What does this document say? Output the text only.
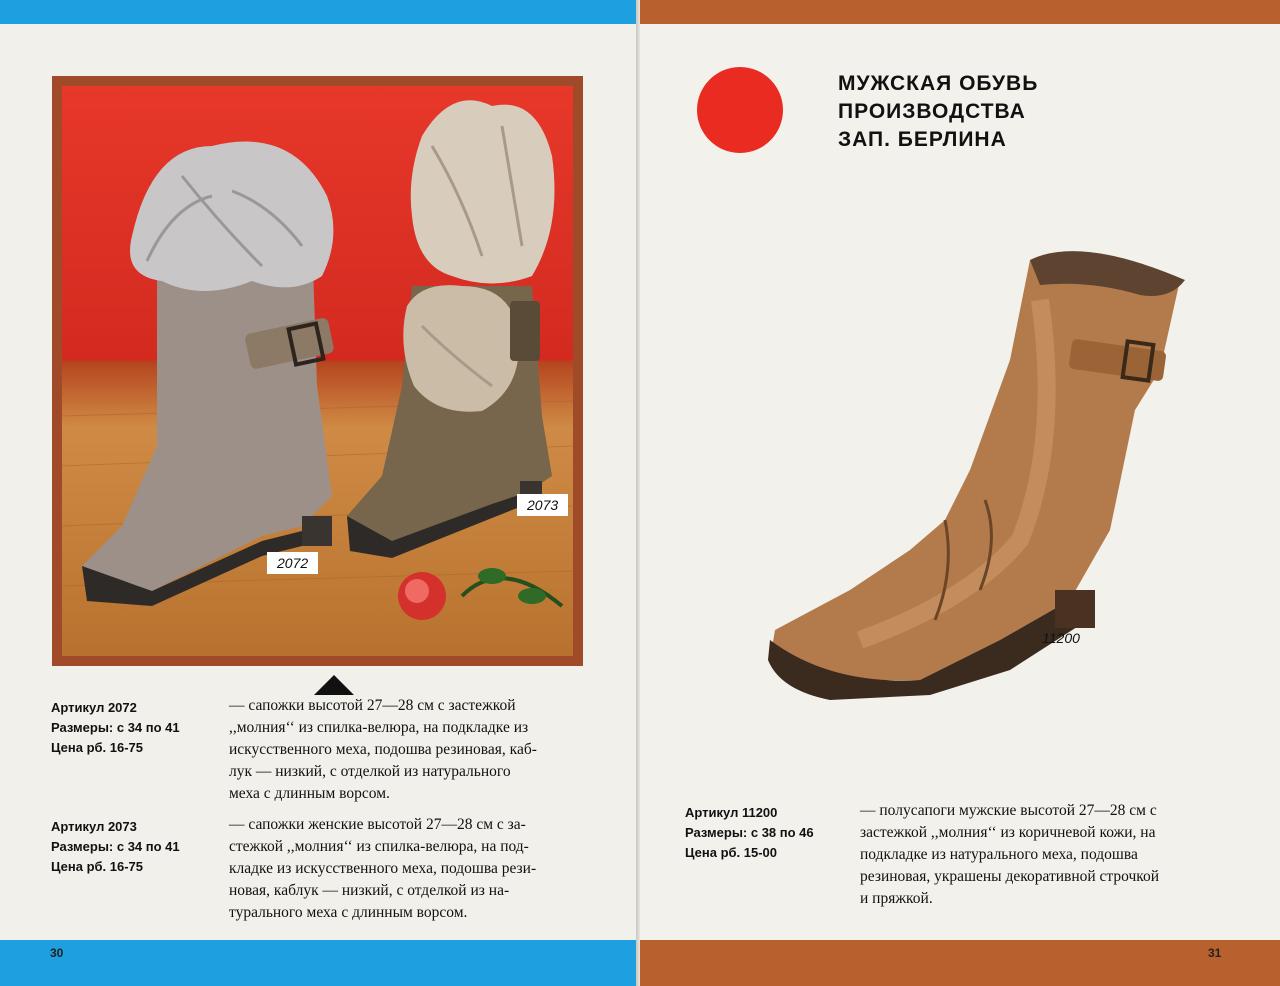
2072
2073
Артикул 2072
Размеры: с 34 по 41
Цена рб. 16-75

— сапожки высотой 27—28 см с застежкой

,,молния‘‘ из спилка-велюра, на подкладке из

искусственного меха, подошва резиновая, каб-

лук — низкий, с отделкой из натурального

меха с длинным ворсом.

Артикул 2073
Размеры: с 34 по 41
Цена рб. 16-75

— сапожки женские высотой 27—28 см с за-

стежкой ,,молния‘‘ из спилка-велюра, на под-

кладке из искусственного меха, подошва рези-

новая, каблук — низкий, с отделкой из на-

турального меха с длинным ворсом.

30
МУЖСКАЯ ОБУВЬ
ПРОИЗВОДСТВА
ЗАП. БЕРЛИНА
11200
Артикул 11200
Размеры: с 38 по 46
Цена рб. 15-00

— полусапоги мужские высотой 27—28 см с

застежкой ,,молния‘‘ из коричневой кожи, на

подкладке из натурального меха, подошва

резиновая, украшены декоративной строчкой

и пряжкой.

31
